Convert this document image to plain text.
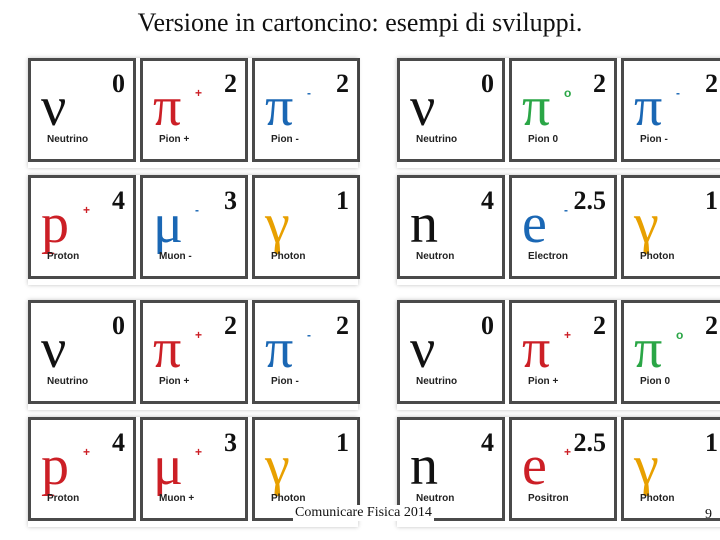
Versione in cartoncino: esempi di sviluppi.
ν 0
Neutrino
π + 2
Pion +
π - 2
Pion -
ν 0
Neutrino
π o 2
Pion 0
π - 2
Pion -
p + 4
Proton
μ - 3
Muon -
γ 1
Photon
n 4
Neutron
e - 2.5
Electron
γ 1
Photon
ν 0
Neutrino
π + 2
Pion +
π - 2
Pion -
ν 0
Neutrino
π + 2
Pion +
π o 2
Pion 0
p + 4
Proton
μ + 3
Muon +
γ 1
Photon
n 4
Neutron
e + 2.5
Positron
γ 1
Photon
Comunicare Fisica 2014	9
